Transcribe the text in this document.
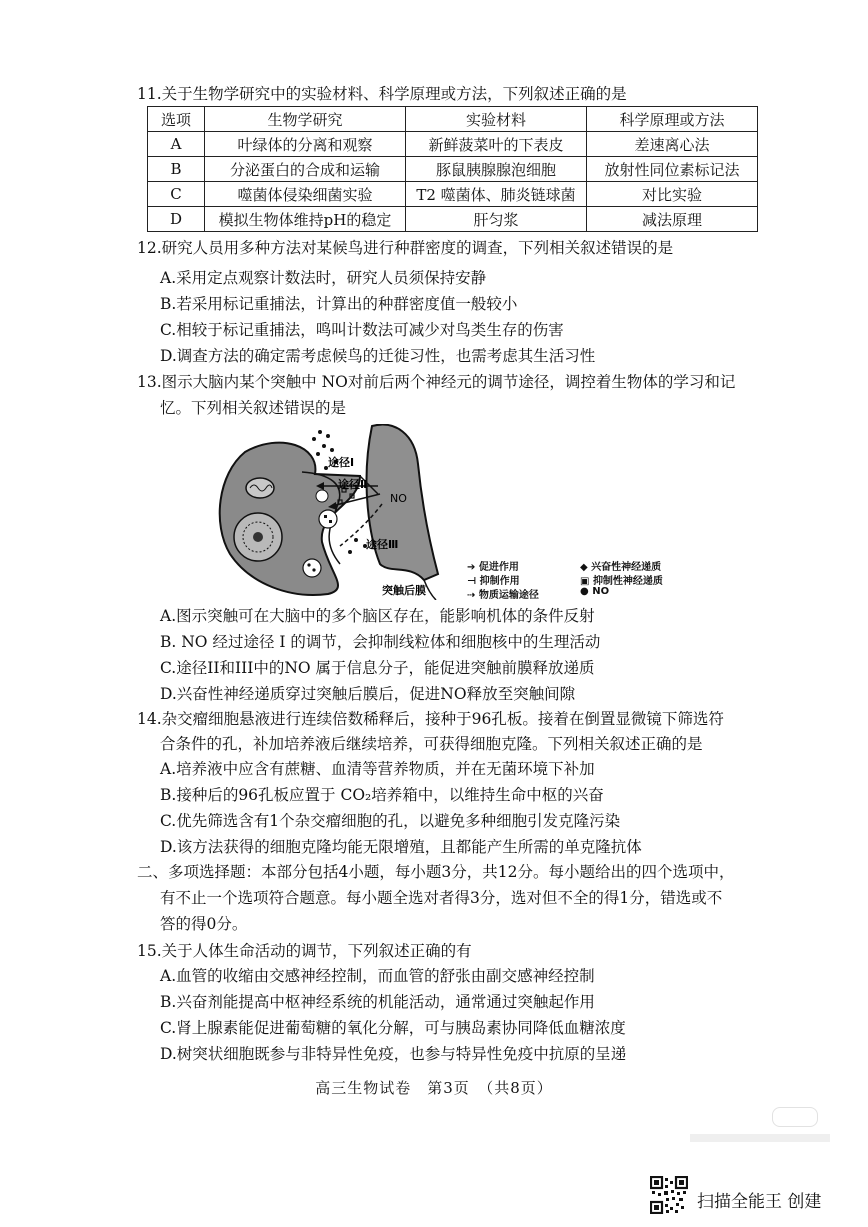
11.关于生物学研究中的实验材料、科学原理或方法，下列叙述正确的是
选项	生物学研究	实验材料	科学原理或方法
A	叶绿体的分离和观察	新鲜菠菜叶的下表皮	差速离心法
B	分泌蛋白的合成和运输	豚鼠胰腺腺泡细胞	放射性同位素标记法
C	噬菌体侵染细菌实验	T2 噬菌体、肺炎链球菌	对比实验
D	模拟生物体维持pH的稳定	肝匀浆	减法原理
12.研究人员用多种方法对某候鸟进行种群密度的调查，下列相关叙述错误的是
A.采用定点观察计数法时，研究人员须保持安静
B.若采用标记重捕法，计算出的种群密度值一般较小
C.相较于标记重捕法，鸣叫计数法可减少对鸟类生存的伤害
D.调查方法的确定需考虑候鸟的迁徙习性，也需考虑其生活习性
13.图示大脑内某个突触中 NO对前后两个神经元的调节途径，调控着生物体的学习和记
忆。下列相关叙述错误的是
途径Ⅰ
途径Ⅱ
NO
途径Ⅲ
突触后膜
➔ 促进作用
⊣ 抑制作用
⇢ 物质运输途径
◆ 兴奋性神经递质
▣ 抑制性神经递质
● NO
A.图示突触可在大脑中的多个脑区存在，能影响机体的条件反射
B. NO 经过途径 I 的调节，会抑制线粒体和细胞核中的生理活动
C.途径II和III中的NO 属于信息分子，能促进突触前膜释放递质
D.兴奋性神经递质穿过突触后膜后，促进NO释放至突触间隙
14.杂交瘤细胞悬液进行连续倍数稀释后，接种于96孔板。接着在倒置显微镜下筛选符
合条件的孔，补加培养液后继续培养，可获得细胞克隆。下列相关叙述正确的是
A.培养液中应含有蔗糖、血清等营养物质，并在无菌环境下补加
B.接种后的96孔板应置于 CO₂培养箱中，以维持生命中枢的兴奋
C.优先筛选含有1个杂交瘤细胞的孔，以避免多种细胞引发克隆污染
D.该方法获得的细胞克隆均能无限增殖，且都能产生所需的单克隆抗体
二、多项选择题：本部分包括4小题，每小题3分，共12分。每小题给出的四个选项中，
有不止一个选项符合题意。每小题全选对者得3分，选对但不全的得1分，错选或不
答的得0分。
15.关于人体生命活动的调节，下列叙述正确的有
A.血管的收缩由交感神经控制，而血管的舒张由副交感神经控制
B.兴奋剂能提高中枢神经系统的机能活动，通常通过突触起作用
C.肾上腺素能促进葡萄糖的氧化分解，可与胰岛素协同降低血糖浓度
D.树突状细胞既参与非特异性免疫，也参与特异性免疫中抗原的呈递
高三生物试卷　第3页　（共8页）
扫描全能王 创建
